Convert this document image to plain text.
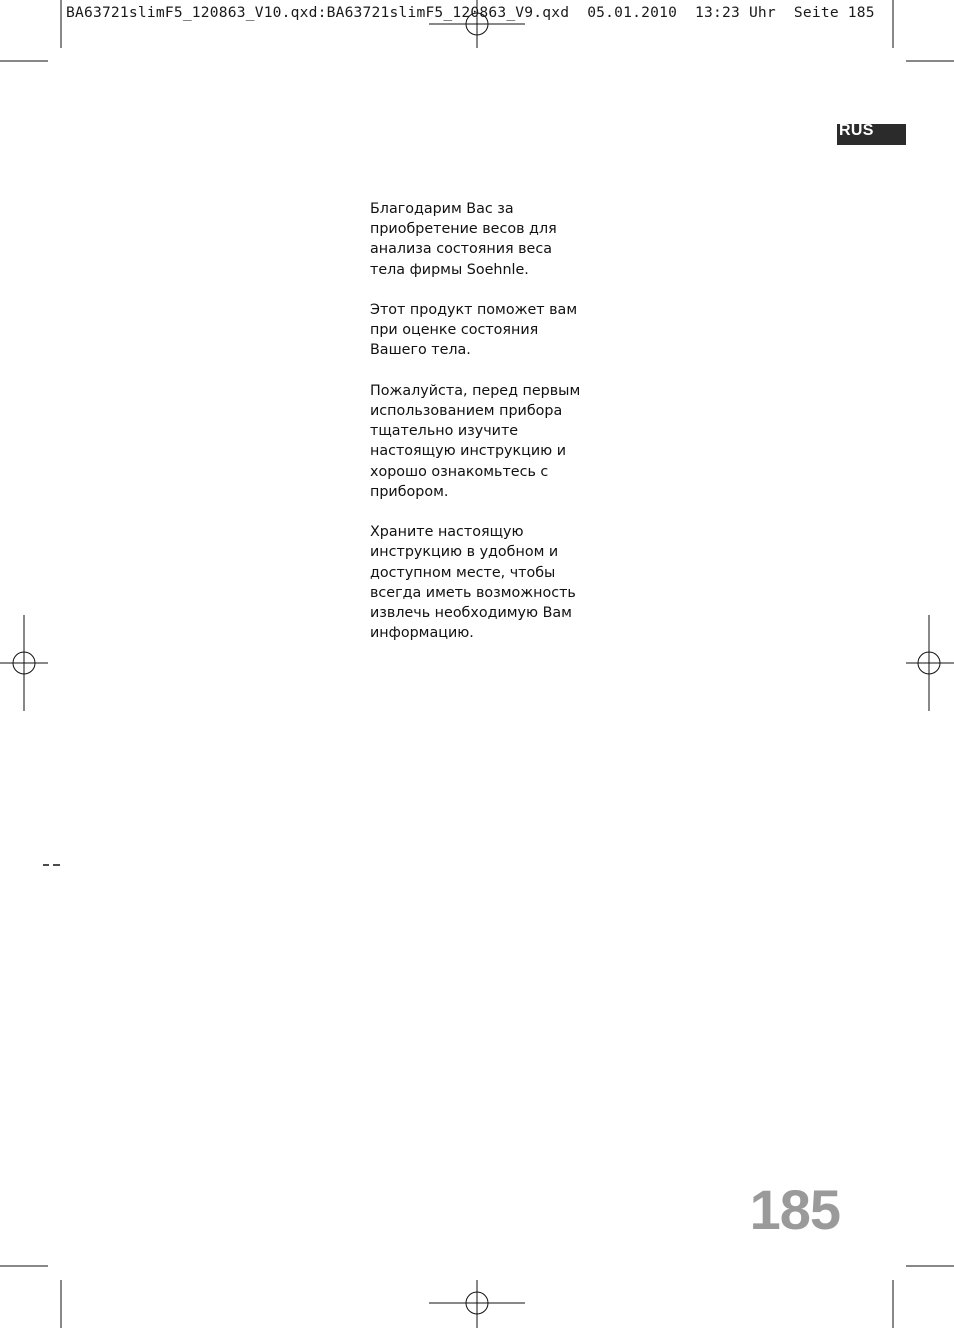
BA63721slimF5_120863_V10.qxd:BA63721slimF5_120863_V9.qxd  05.01.2010  13:23 Uhr  Seite 185
RUS

Благодарим Вас за
приобретение весов для
анализа состояния веса
тела фирмы Soehnle.

Этот продукт поможет вам
при оценке состояния
Вашего тела.

Пожалуйста, перед первым
использованием прибора
тщательно изучите
настоящую инструкцию и
хорошо ознакомьтесь с
прибором.

Храните настоящую
инструкцию в удобном и
доступном месте, чтобы
всегда иметь возможность
извлечь необходимую Вам
информацию.

185
